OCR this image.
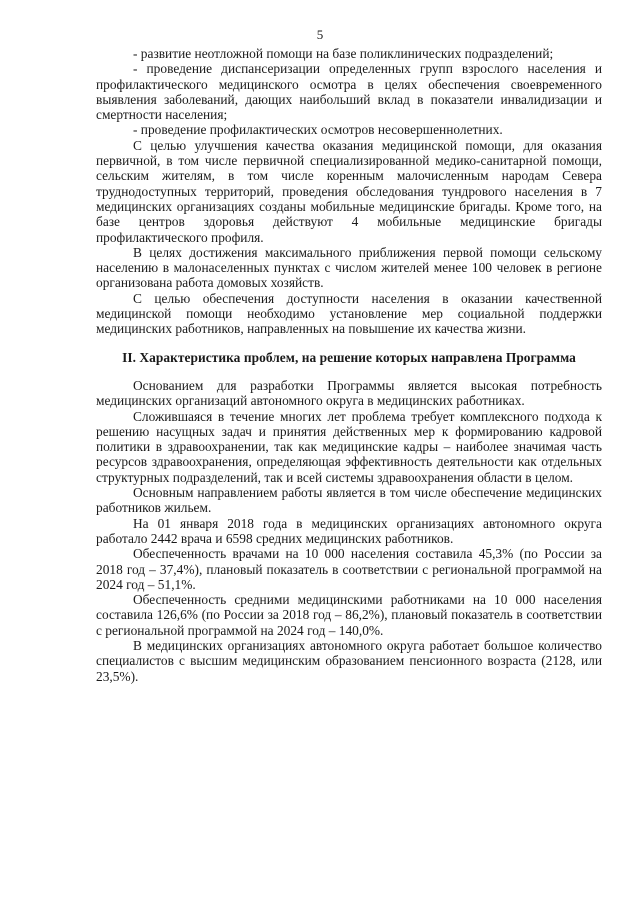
5

- развитие неотложной помощи на базе поликлинических подразделений;

- проведение диспансеризации определенных групп взрослого населения и профилактического медицинского осмотра в целях обеспечения своевременного выявления заболеваний, дающих наибольший вклад в показатели инвалидизации и смертности населения;

- проведение профилактических осмотров несовершеннолетних.

С целью улучшения качества оказания медицинской помощи, для оказания первичной, в том числе первичной специализированной медико-санитарной помощи, сельским жителям, в том числе коренным малочисленным народам Севера труднодоступных территорий, проведения обследования тундрового населения в 7 медицинских организациях созданы мобильные медицинские бригады. Кроме того, на базе центров здоровья действуют 4 мобильные медицинские бригады профилактического профиля.

В целях достижения максимального приближения первой помощи сельскому населению в малонаселенных пунктах с числом жителей менее 100 человек в регионе организована работа домовых хозяйств.

С целью обеспечения доступности населения в оказании качественной медицинской помощи необходимо установление мер социальной поддержки медицинских работников, направленных на повышение их качества жизни.

II. Характеристика проблем, на решение которых направлена Программа

Основанием для разработки Программы является высокая потребность медицинских организаций автономного округа в медицинских работниках.

Сложившаяся в течение многих лет проблема требует комплексного подхода к решению насущных задач и принятия действенных мер к формированию кадровой политики в здравоохранении, так как медицинские кадры – наиболее значимая часть ресурсов здравоохранения, определяющая эффективность деятельности как отдельных структурных подразделений, так и всей системы здравоохранения области в целом.

Основным направлением работы является в том числе обеспечение медицинских работников жильем.

На 01 января 2018 года в медицинских организациях автономного округа работало 2442 врача и 6598 средних медицинских работников.

Обеспеченность врачами на 10 000 населения составила 45,3% (по России за 2018 год – 37,4%), плановый показатель в соответствии с региональной программой на 2024 год – 51,1%.

Обеспеченность средними медицинскими работниками на 10 000 населения составила 126,6% (по России за 2018 год – 86,2%), плановый показатель в соответствии с региональной программой на 2024 год – 140,0%.

В медицинских организациях автономного округа работает большое количество специалистов с высшим медицинским образованием пенсионного возраста (2128, или 23,5%).
